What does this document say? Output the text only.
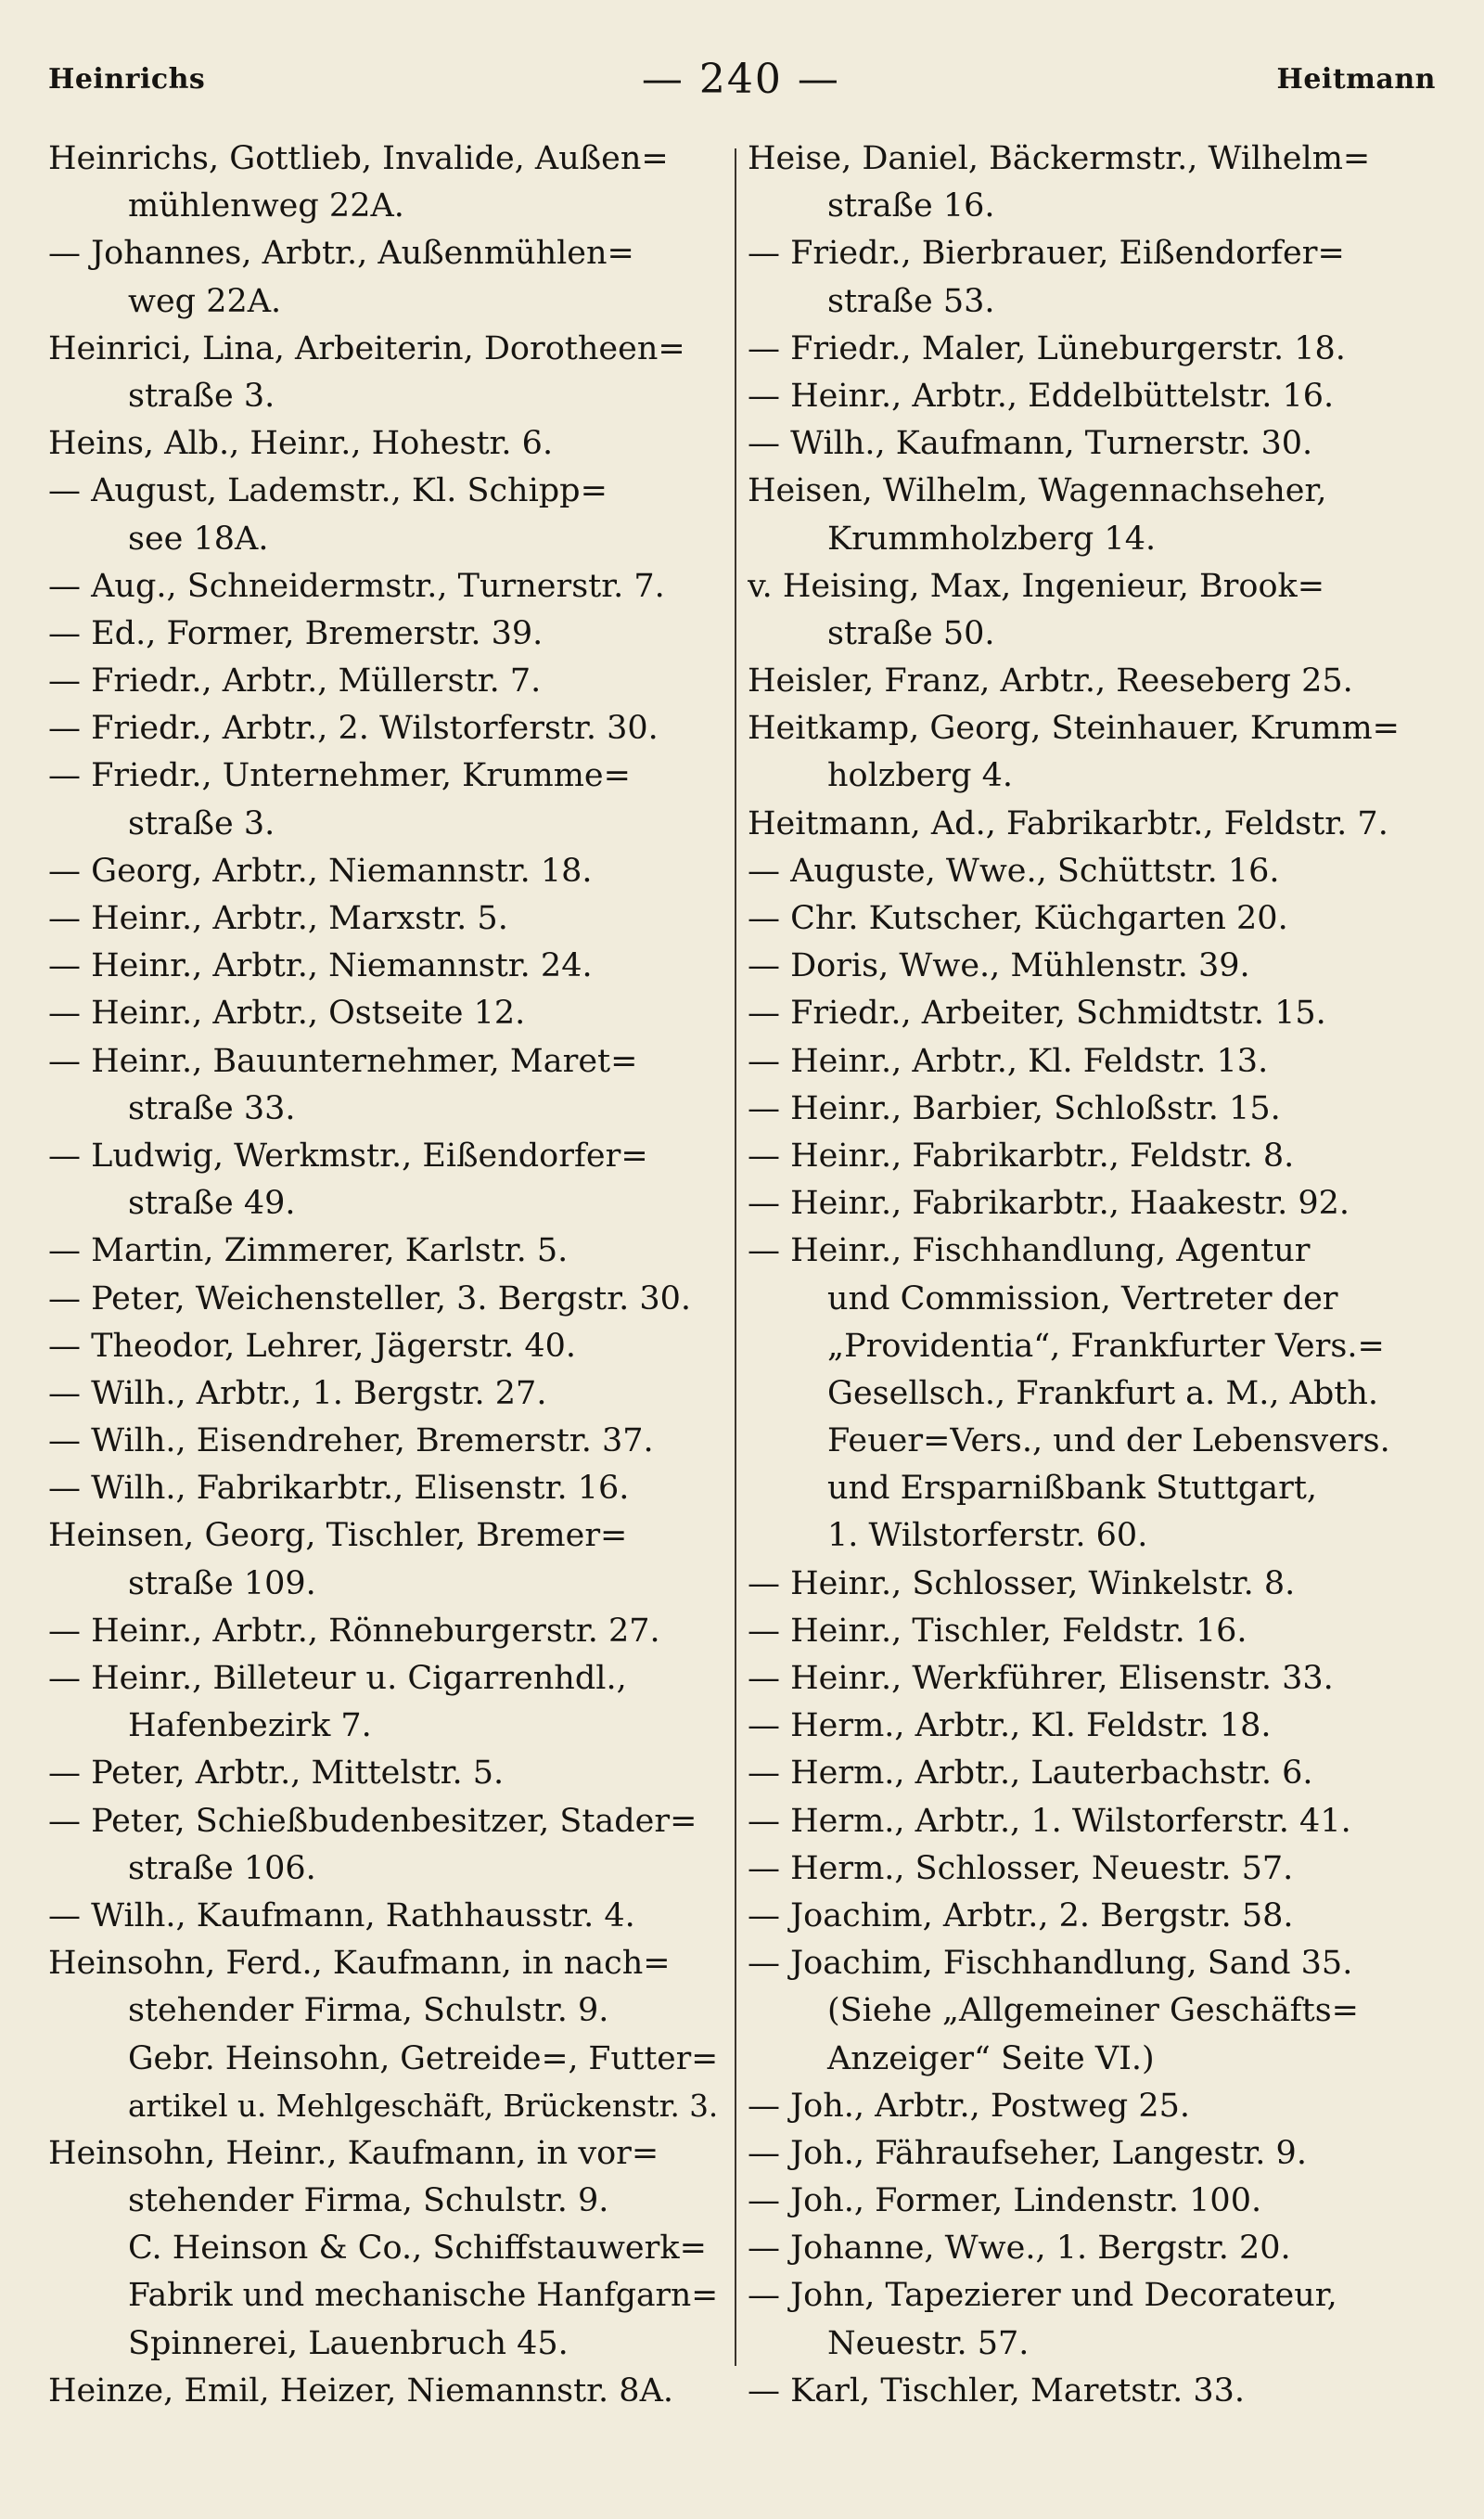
Heinrichs	— 240 —	Heitmann
Heinrichs, Gottlieb, Invalide, Außen=
mühlenweg 22A.
— Johannes, Arbtr., Außenmühlen=
weg 22A.
Heinrici, Lina, Arbeiterin, Dorotheen=
straße 3.
Heins, Alb., Heinr., Hohestr. 6.
— August, Lademstr., Kl. Schipp=
see 18A.
— Aug., Schneidermstr., Turnerstr. 7.
— Ed., Former, Bremerstr. 39.
— Friedr., Arbtr., Müllerstr. 7.
— Friedr., Arbtr., 2. Wilstorferstr. 30.
— Friedr., Unternehmer, Krumme=
straße 3.
— Georg, Arbtr., Niemannstr. 18.
— Heinr., Arbtr., Marxstr. 5.
— Heinr., Arbtr., Niemannstr. 24.
— Heinr., Arbtr., Ostseite 12.
— Heinr., Bauunternehmer, Maret=
straße 33.
— Ludwig, Werkmstr., Eißendorfer=
straße 49.
— Martin, Zimmerer, Karlstr. 5.
— Peter, Weichensteller, 3. Bergstr. 30.
— Theodor, Lehrer, Jägerstr. 40.
— Wilh., Arbtr., 1. Bergstr. 27.
— Wilh., Eisendreher, Bremerstr. 37.
— Wilh., Fabrikarbtr., Elisenstr. 16.
Heinsen, Georg, Tischler, Bremer=
straße 109.
— Heinr., Arbtr., Rönneburgerstr. 27.
— Heinr., Billeteur u. Cigarrenhdl.,
Hafenbezirk 7.
— Peter, Arbtr., Mittelstr. 5.
— Peter, Schießbudenbesitzer, Stader=
straße 106.
— Wilh., Kaufmann, Rathhausstr. 4.
Heinsohn, Ferd., Kaufmann, in nach=
stehender Firma, Schulstr. 9.
Gebr. Heinsohn, Getreide=, Futter=
artikel u. Mehlgeschäft, Brückenstr. 3.
Heinsohn, Heinr., Kaufmann, in vor=
stehender Firma, Schulstr. 9.
C. Heinson & Co., Schiffstauwerk=
Fabrik und mechanische Hanfgarn=
Spinnerei, Lauenbruch 45.
Heinze, Emil, Heizer, Niemannstr. 8A.
Heise, Daniel, Bäckermstr., Wilhelm=
straße 16.
— Friedr., Bierbrauer, Eißendorfer=
straße 53.
— Friedr., Maler, Lüneburgerstr. 18.
— Heinr., Arbtr., Eddelbüttelstr. 16.
— Wilh., Kaufmann, Turnerstr. 30.
Heisen, Wilhelm, Wagennachseher,
Krummholzberg 14.
v. Heising, Max, Ingenieur, Brook=
straße 50.
Heisler, Franz, Arbtr., Reeseberg 25.
Heitkamp, Georg, Steinhauer, Krumm=
holzberg 4.
Heitmann, Ad., Fabrikarbtr., Feldstr. 7.
— Auguste, Wwe., Schüttstr. 16.
— Chr. Kutscher, Küchgarten 20.
— Doris, Wwe., Mühlenstr. 39.
— Friedr., Arbeiter, Schmidtstr. 15.
— Heinr., Arbtr., Kl. Feldstr. 13.
— Heinr., Barbier, Schloßstr. 15.
— Heinr., Fabrikarbtr., Feldstr. 8.
— Heinr., Fabrikarbtr., Haakestr. 92.
— Heinr., Fischhandlung, Agentur
und Commission, Vertreter der
„Providentia“, Frankfurter Vers.=
Gesellsch., Frankfurt a. M., Abth.
Feuer=Vers., und der Lebensvers.
und Ersparnißbank Stuttgart,
1. Wilstorferstr. 60.
— Heinr., Schlosser, Winkelstr. 8.
— Heinr., Tischler, Feldstr. 16.
— Heinr., Werkführer, Elisenstr. 33.
— Herm., Arbtr., Kl. Feldstr. 18.
— Herm., Arbtr., Lauterbachstr. 6.
— Herm., Arbtr., 1. Wilstorferstr. 41.
— Herm., Schlosser, Neuestr. 57.
— Joachim, Arbtr., 2. Bergstr. 58.
— Joachim, Fischhandlung, Sand 35.
(Siehe „Allgemeiner Geschäfts=
Anzeiger“ Seite VI.)
— Joh., Arbtr., Postweg 25.
— Joh., Fähraufseher, Langestr. 9.
— Joh., Former, Lindenstr. 100.
— Johanne, Wwe., 1. Bergstr. 20.
— John, Tapezierer und Decorateur,
Neuestr. 57.
— Karl, Tischler, Maretstr. 33.
